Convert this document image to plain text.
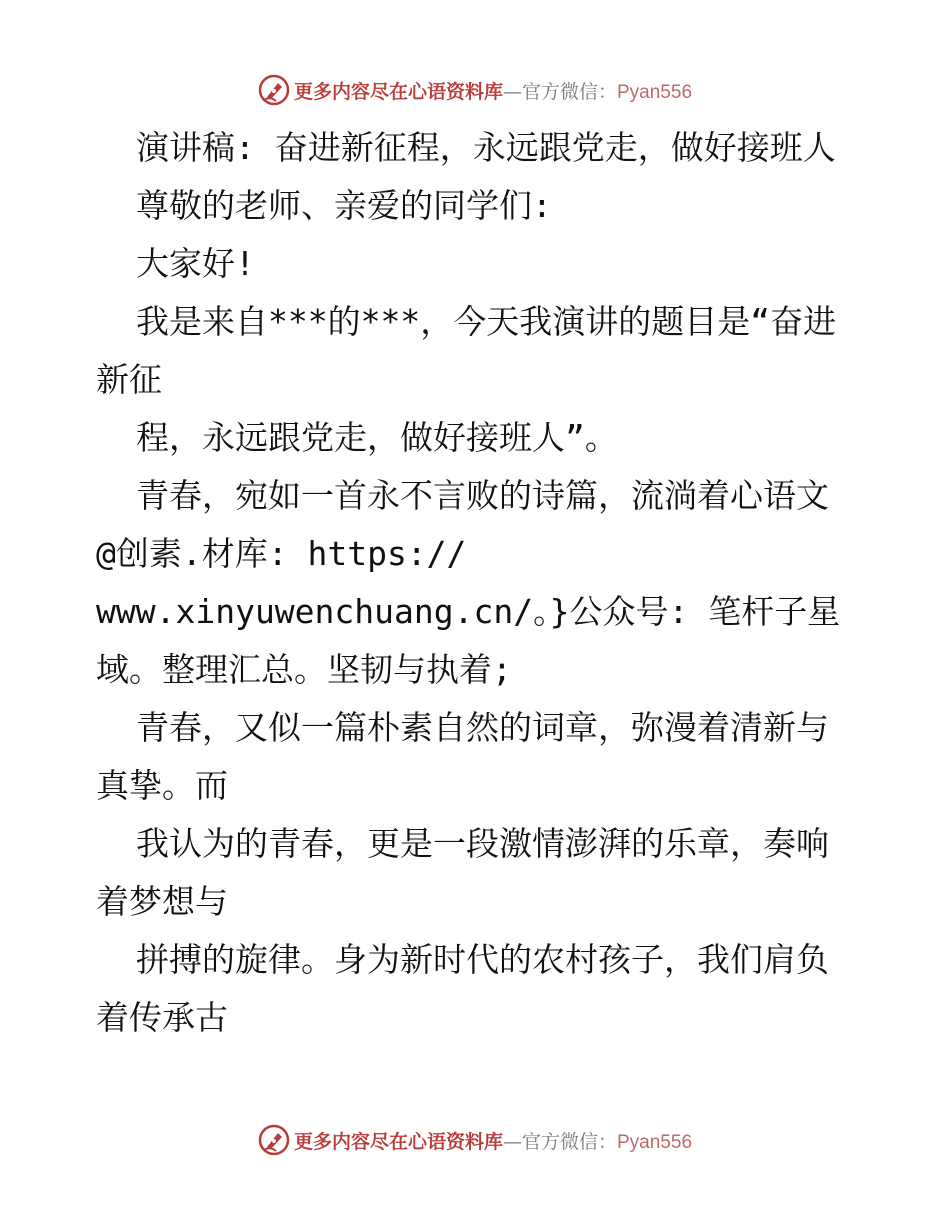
更多内容尽在心语资料库—官方微信：Pyan556
演讲稿: 奋进新征程，永远跟党走，做好接班人
尊敬的老师、亲爱的同学们:
大家好!
我是来自***的***，今天我演讲的题目是“奋进
新征
程，永远跟党走，做好接班人”。
青春，宛如一首永不言败的诗篇，流淌着心语文
@创素.材库: https://
www.xinyuwenchuang.cn/。}公众号: 笔杆子星
域。整理汇总。坚韧与执着;
青春，又似一篇朴素自然的词章，弥漫着清新与
真挚。而
我认为的青春，更是一段激情澎湃的乐章，奏响
着梦想与
拼搏的旋律。身为新时代的农村孩子，我们肩负
着传承古
更多内容尽在心语资料库—官方微信：Pyan556
